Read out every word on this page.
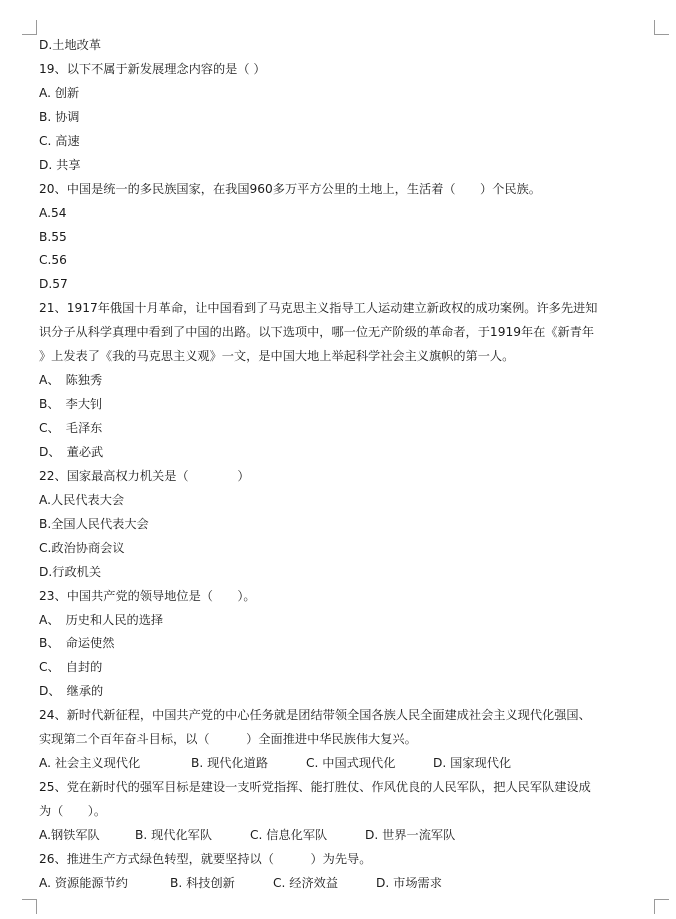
D.土地改革
19、以下不属于新发展理念内容的是（ ）
A. 创新
B. 协调
C. 高速
D. 共享
20、中国是统一的多民族国家，在我国960多万平方公里的土地上，生活着（　　）个民族。
A.54
B.55
C.56
D.57
21、1917年俄国十月革命，让中国看到了马克思主义指导工人运动建立新政权的成功案例。许多先进知
识分子从科学真理中看到了中国的出路。以下选项中，哪一位无产阶级的革命者，于1919年在《新青年
》上发表了《我的马克思主义观》一文，是中国大地上举起科学社会主义旗帜的第一人。
A、　陈独秀
B、　李大钊
C、　毛泽东
D、　董必武
22、国家最高权力机关是（　　　　）
A.人民代表大会
B.全国人民代表大会
C.政治协商会议
D.行政机关
23、中国共产党的领导地位是（　　）。
A、　历史和人民的选择
B、　命运使然
C、　自封的
D、　继承的
24、新时代新征程，中国共产党的中心任务就是团结带领全国各族人民全面建成社会主义现代化强国、
实现第二个百年奋斗目标，以（　　　）全面推进中华民族伟大复兴。
A. 社会主义现代化	B. 现代化道路	C. 中国式现代化	D. 国家现代化
25、党在新时代的强军目标是建设一支听党指挥、能打胜仗、作风优良的人民军队，把人民军队建设成
为（　　）。
A.钢铁军队	B. 现代化军队	C. 信息化军队	D. 世界一流军队
26、推进生产方式绿色转型，就要坚持以（　　　）为先导。
A. 资源能源节约	B. 科技创新	C. 经济效益	D. 市场需求
